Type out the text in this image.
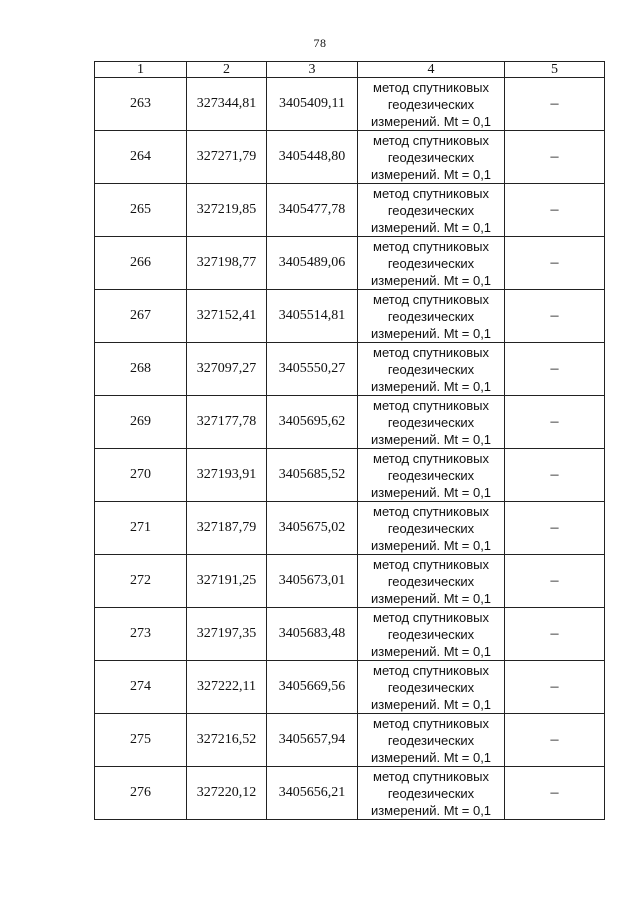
78
1	2	3	4	5
263	327344,81	3405409,11	метод спутниковых
геодезических
измерений. Mt = 0,1	–
264	327271,79	3405448,80	метод спутниковых
геодезических
измерений. Mt = 0,1	–
265	327219,85	3405477,78	метод спутниковых
геодезических
измерений. Mt = 0,1	–
266	327198,77	3405489,06	метод спутниковых
геодезических
измерений. Mt = 0,1	–
267	327152,41	3405514,81	метод спутниковых
геодезических
измерений. Mt = 0,1	–
268	327097,27	3405550,27	метод спутниковых
геодезических
измерений. Mt = 0,1	–
269	327177,78	3405695,62	метод спутниковых
геодезических
измерений. Mt = 0,1	–
270	327193,91	3405685,52	метод спутниковых
геодезических
измерений. Mt = 0,1	–
271	327187,79	3405675,02	метод спутниковых
геодезических
измерений. Mt = 0,1	–
272	327191,25	3405673,01	метод спутниковых
геодезических
измерений. Mt = 0,1	–
273	327197,35	3405683,48	метод спутниковых
геодезических
измерений. Mt = 0,1	–
274	327222,11	3405669,56	метод спутниковых
геодезических
измерений. Mt = 0,1	–
275	327216,52	3405657,94	метод спутниковых
геодезических
измерений. Mt = 0,1	–
276	327220,12	3405656,21	метод спутниковых
геодезических
измерений. Mt = 0,1	–
